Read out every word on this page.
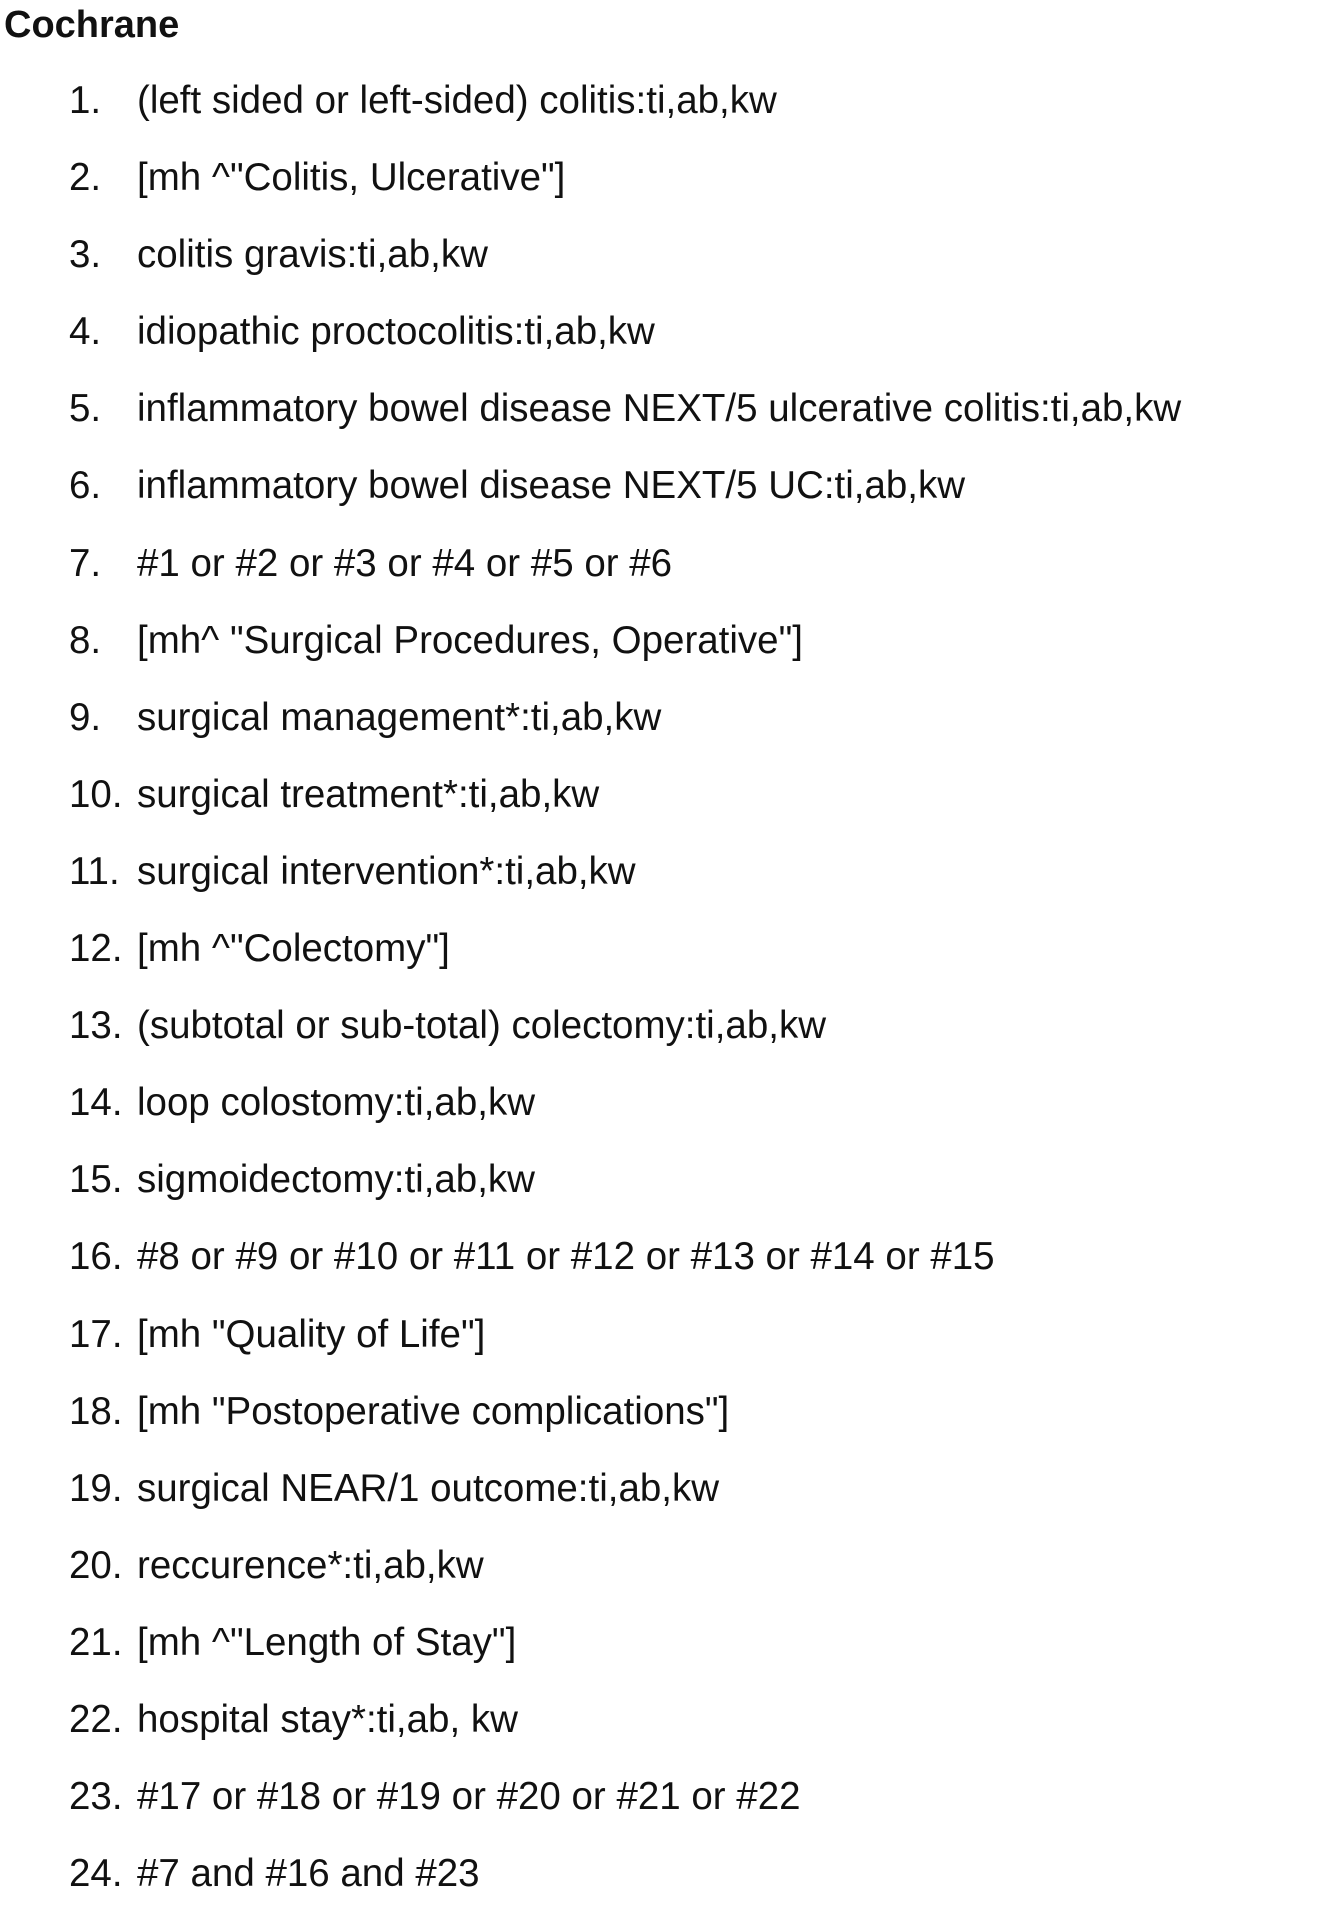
Cochrane
1. (left sided or left-sided) colitis:ti,ab,kw
2. [mh ^"Colitis, Ulcerative"]
3. colitis gravis:ti,ab,kw
4. idiopathic proctocolitis:ti,ab,kw
5. inflammatory bowel disease NEXT/5 ulcerative colitis:ti,ab,kw
6. inflammatory bowel disease NEXT/5 UC:ti,ab,kw
7. #1 or #2 or #3 or #4 or #5 or #6
8. [mh^ "Surgical Procedures, Operative"]
9. surgical management*:ti,ab,kw
10. surgical treatment*:ti,ab,kw
11. surgical intervention*:ti,ab,kw
12. [mh ^"Colectomy"]
13. (subtotal or sub-total) colectomy:ti,ab,kw
14. loop colostomy:ti,ab,kw
15. sigmoidectomy:ti,ab,kw
16. #8 or #9 or #10 or #11 or #12 or #13 or #14 or #15
17. [mh "Quality of Life"]
18. [mh "Postoperative complications"]
19. surgical NEAR/1 outcome:ti,ab,kw
20. reccurence*:ti,ab,kw
21. [mh ^"Length of Stay"]
22. hospital stay*:ti,ab, kw
23. #17 or #18 or #19 or #20 or #21 or #22
24. #7 and #16 and #23
